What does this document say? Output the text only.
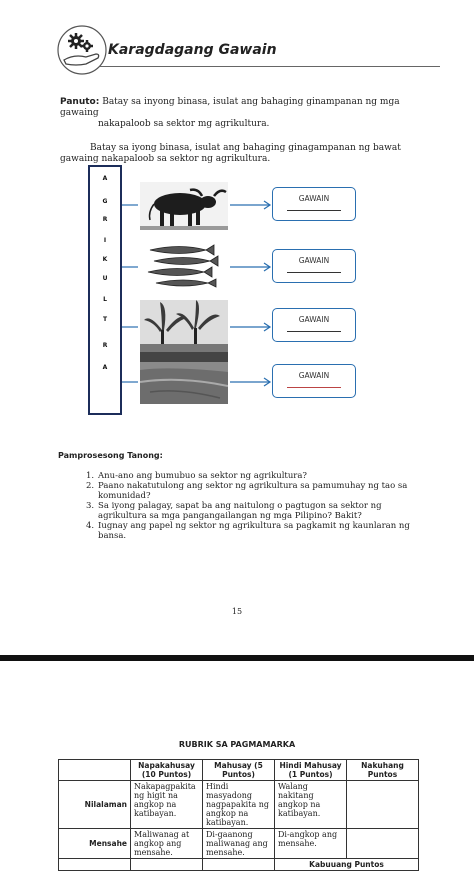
Karagdagang Gawain
Panuto: Batay sa inyong binasa, isulat ang bahaging ginampanan ng mga gawaing
nakapaloob sa sektor mg agrikultura.
Batay sa iyong binasa, isulat ang bahaging ginagampanan ng bawat
gawaing nakapaloob sa sektor ng agrikultura.
A
G
R
I
K
U
L
T
R
A
GAWAIN
GAWAIN
GAWAIN
GAWAIN
Pamprosesong Tanong:
1. Anu-ano ang bumubuo sa sektor ng agrikultura?
2. Paano nakatutulong ang sektor ng agrikultura sa pamumuhay ng tao sa komunidad?
3. Sa iyong palagay, sapat ba ang naitulong o pagtugon sa sektor ng agrikultura sa mga pangangailangan ng mga Pilipino? Bakit?
4. Iugnay ang papel ng sektor ng agrikultura sa pagkamit ng kaunlaran ng bansa.
15
RUBRIK SA PAGMAMARKA
	Napakahusay (10 Puntos)	Mahusay (5 Puntos)	Hindi Mahusay (1 Puntos)	Nakuhang Puntos
Nilalaman	Nakapagpakita ng higit na angkop na katibayan.	Hindi masyadong nagpapakita ng angkop na katibayan.	Walang nakitang angkop na katibayan.	
Mensahe	Maliwanag at angkop ang mensahe.	Di-gaanong maliwanag ang mensahe.	Di-angkop ang mensahe.	
			Kabuuang Puntos	
